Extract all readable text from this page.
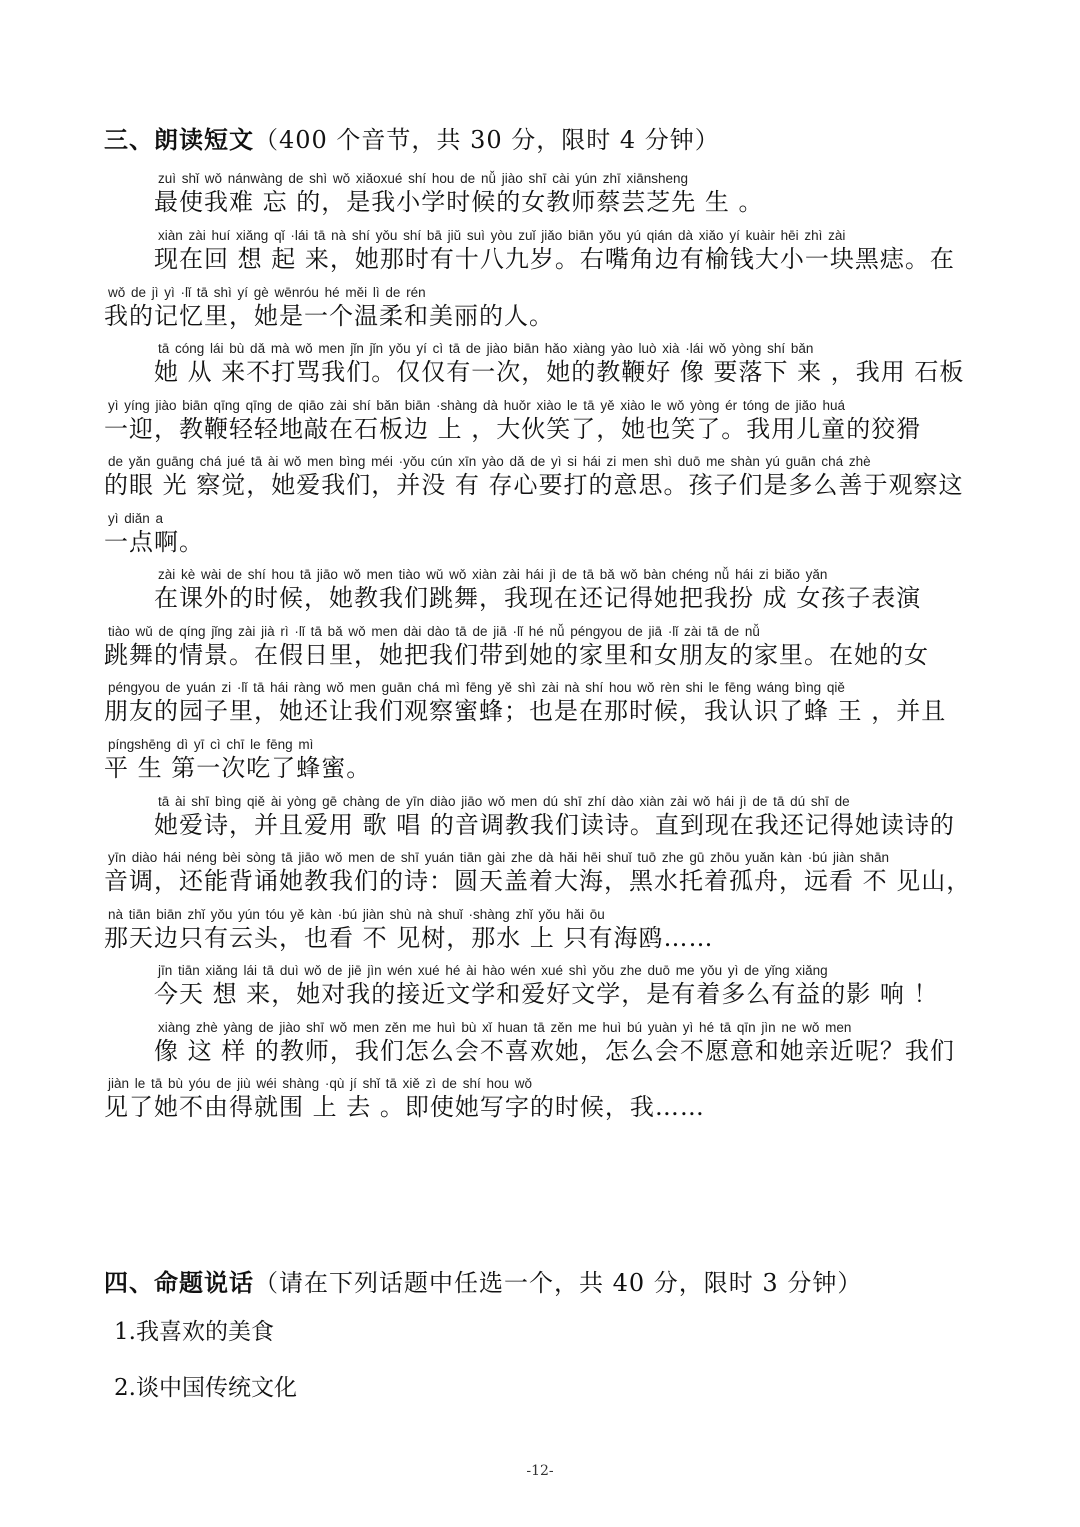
三、朗读短文（400 个音节，共 30 分，限时 4 分钟）
zuì shǐ wǒ nánwàng de shì wǒ xiǎoxué shí hou de nǚ jiào shī cài yún zhī xiānsheng
最使我难 忘 的，是我小学时候的女教师蔡芸芝先 生 。
xiàn zài huí xiǎng qǐ ·lái tā nà shí yǒu shí bā jiǔ suì yòu zuǐ jiǎo biān yǒu yú qián dà xiǎo yí kuàir hēi zhì zài
现在回 想 起 来，她那时有十八九岁。右嘴角边有榆钱大小一块黑痣。在
wǒ de jì yì ·lǐ tā shì yí gè wēnróu hé měi lì de rén
我的记忆里，她是一个温柔和美丽的人。
tā cóng lái bù dǎ mà wǒ men jǐn jǐn yǒu yí cì tā de jiào biān hǎo xiàng yào luò xià ·lái wǒ yòng shí bǎn
她 从 来不打骂我们。仅仅有一次，她的教鞭好 像 要落下 来 ，我用 石板
yì yíng jiào biān qīng qīng de qiāo zài shí bǎn biān ·shàng dà huǒr xiào le tā yě xiào le wǒ yòng ér tóng de jiǎo huá
一迎，教鞭轻轻地敲在石板边 上 ，大伙笑了，她也笑了。我用儿童的狡猾
de yǎn guāng chá jué tā ài wǒ men bìng méi ·yǒu cún xīn yào dǎ de yì si hái zi men shì duō me shàn yú guān chá zhè
的眼 光 察觉，她爱我们，并没 有 存心要打的意思。孩子们是多么善于观察这
yì diǎn a
一点啊。
zài kè wài de shí hou tā jiāo wǒ men tiào wǔ wǒ xiàn zài hái jì de tā bǎ wǒ bàn chéng nǚ hái zi biǎo yǎn
在课外的时候，她教我们跳舞，我现在还记得她把我扮 成 女孩子表演
tiào wǔ de qíng jǐng zài jià rì ·lǐ tā bǎ wǒ men dài dào tā de jiā ·lǐ hé nǚ péngyou de jiā ·lǐ zài tā de nǚ
跳舞的情景。在假日里，她把我们带到她的家里和女朋友的家里。在她的女
péngyou de yuán zi ·lǐ tā hái ràng wǒ men guān chá mì fēng yě shì zài nà shí hou wǒ rèn shi le fēng wáng bìng qiě
朋友的园子里，她还让我们观察蜜蜂；也是在那时候，我认识了蜂 王 ，并且
píngshēng dì yī cì chī le fēng mì
平 生 第一次吃了蜂蜜。
tā ài shī bìng qiě ài yòng gē chàng de yīn diào jiāo wǒ men dú shī zhí dào xiàn zài wǒ hái jì de tā dú shī de
她爱诗，并且爱用 歌 唱 的音调教我们读诗。直到现在我还记得她读诗的
yīn diào hái néng bèi sòng tā jiāo wǒ men de shī yuán tiān gài zhe dà hǎi hēi shuǐ tuō zhe gū zhōu yuǎn kàn ·bú jiàn shān
音调，还能背诵她教我们的诗：圆天盖着大海，黑水托着孤舟，远看 不 见山，
nà tiān biān zhǐ yǒu yún tóu yě kàn ·bú jiàn shù nà shuǐ ·shàng zhǐ yǒu hǎi ōu
那天边只有云头，也看 不 见树，那水 上 只有海鸥……
jīn tiān xiǎng lái tā duì wǒ de jiē jìn wén xué hé ài hào wén xué shì yǒu zhe duō me yǒu yì de yǐng xiǎng
今天 想 来，她对我的接近文学和爱好文学，是有着多么有益的影 响 ！
xiàng zhè yàng de jiào shī wǒ men zěn me huì bù xǐ huan tā zěn me huì bú yuàn yì hé tā qīn jìn ne wǒ men
像 这 样 的教师，我们怎么会不喜欢她，怎么会不愿意和她亲近呢？我们
jiàn le tā bù yóu de jiù wéi shàng ·qù jí shǐ tā xiě zì de shí hou wǒ
见了她不由得就围 上 去 。即使她写字的时候，我……
四、命题说话（请在下列话题中任选一个，共 40 分，限时 3 分钟）
1.我喜欢的美食
2.谈中国传统文化
-12-
